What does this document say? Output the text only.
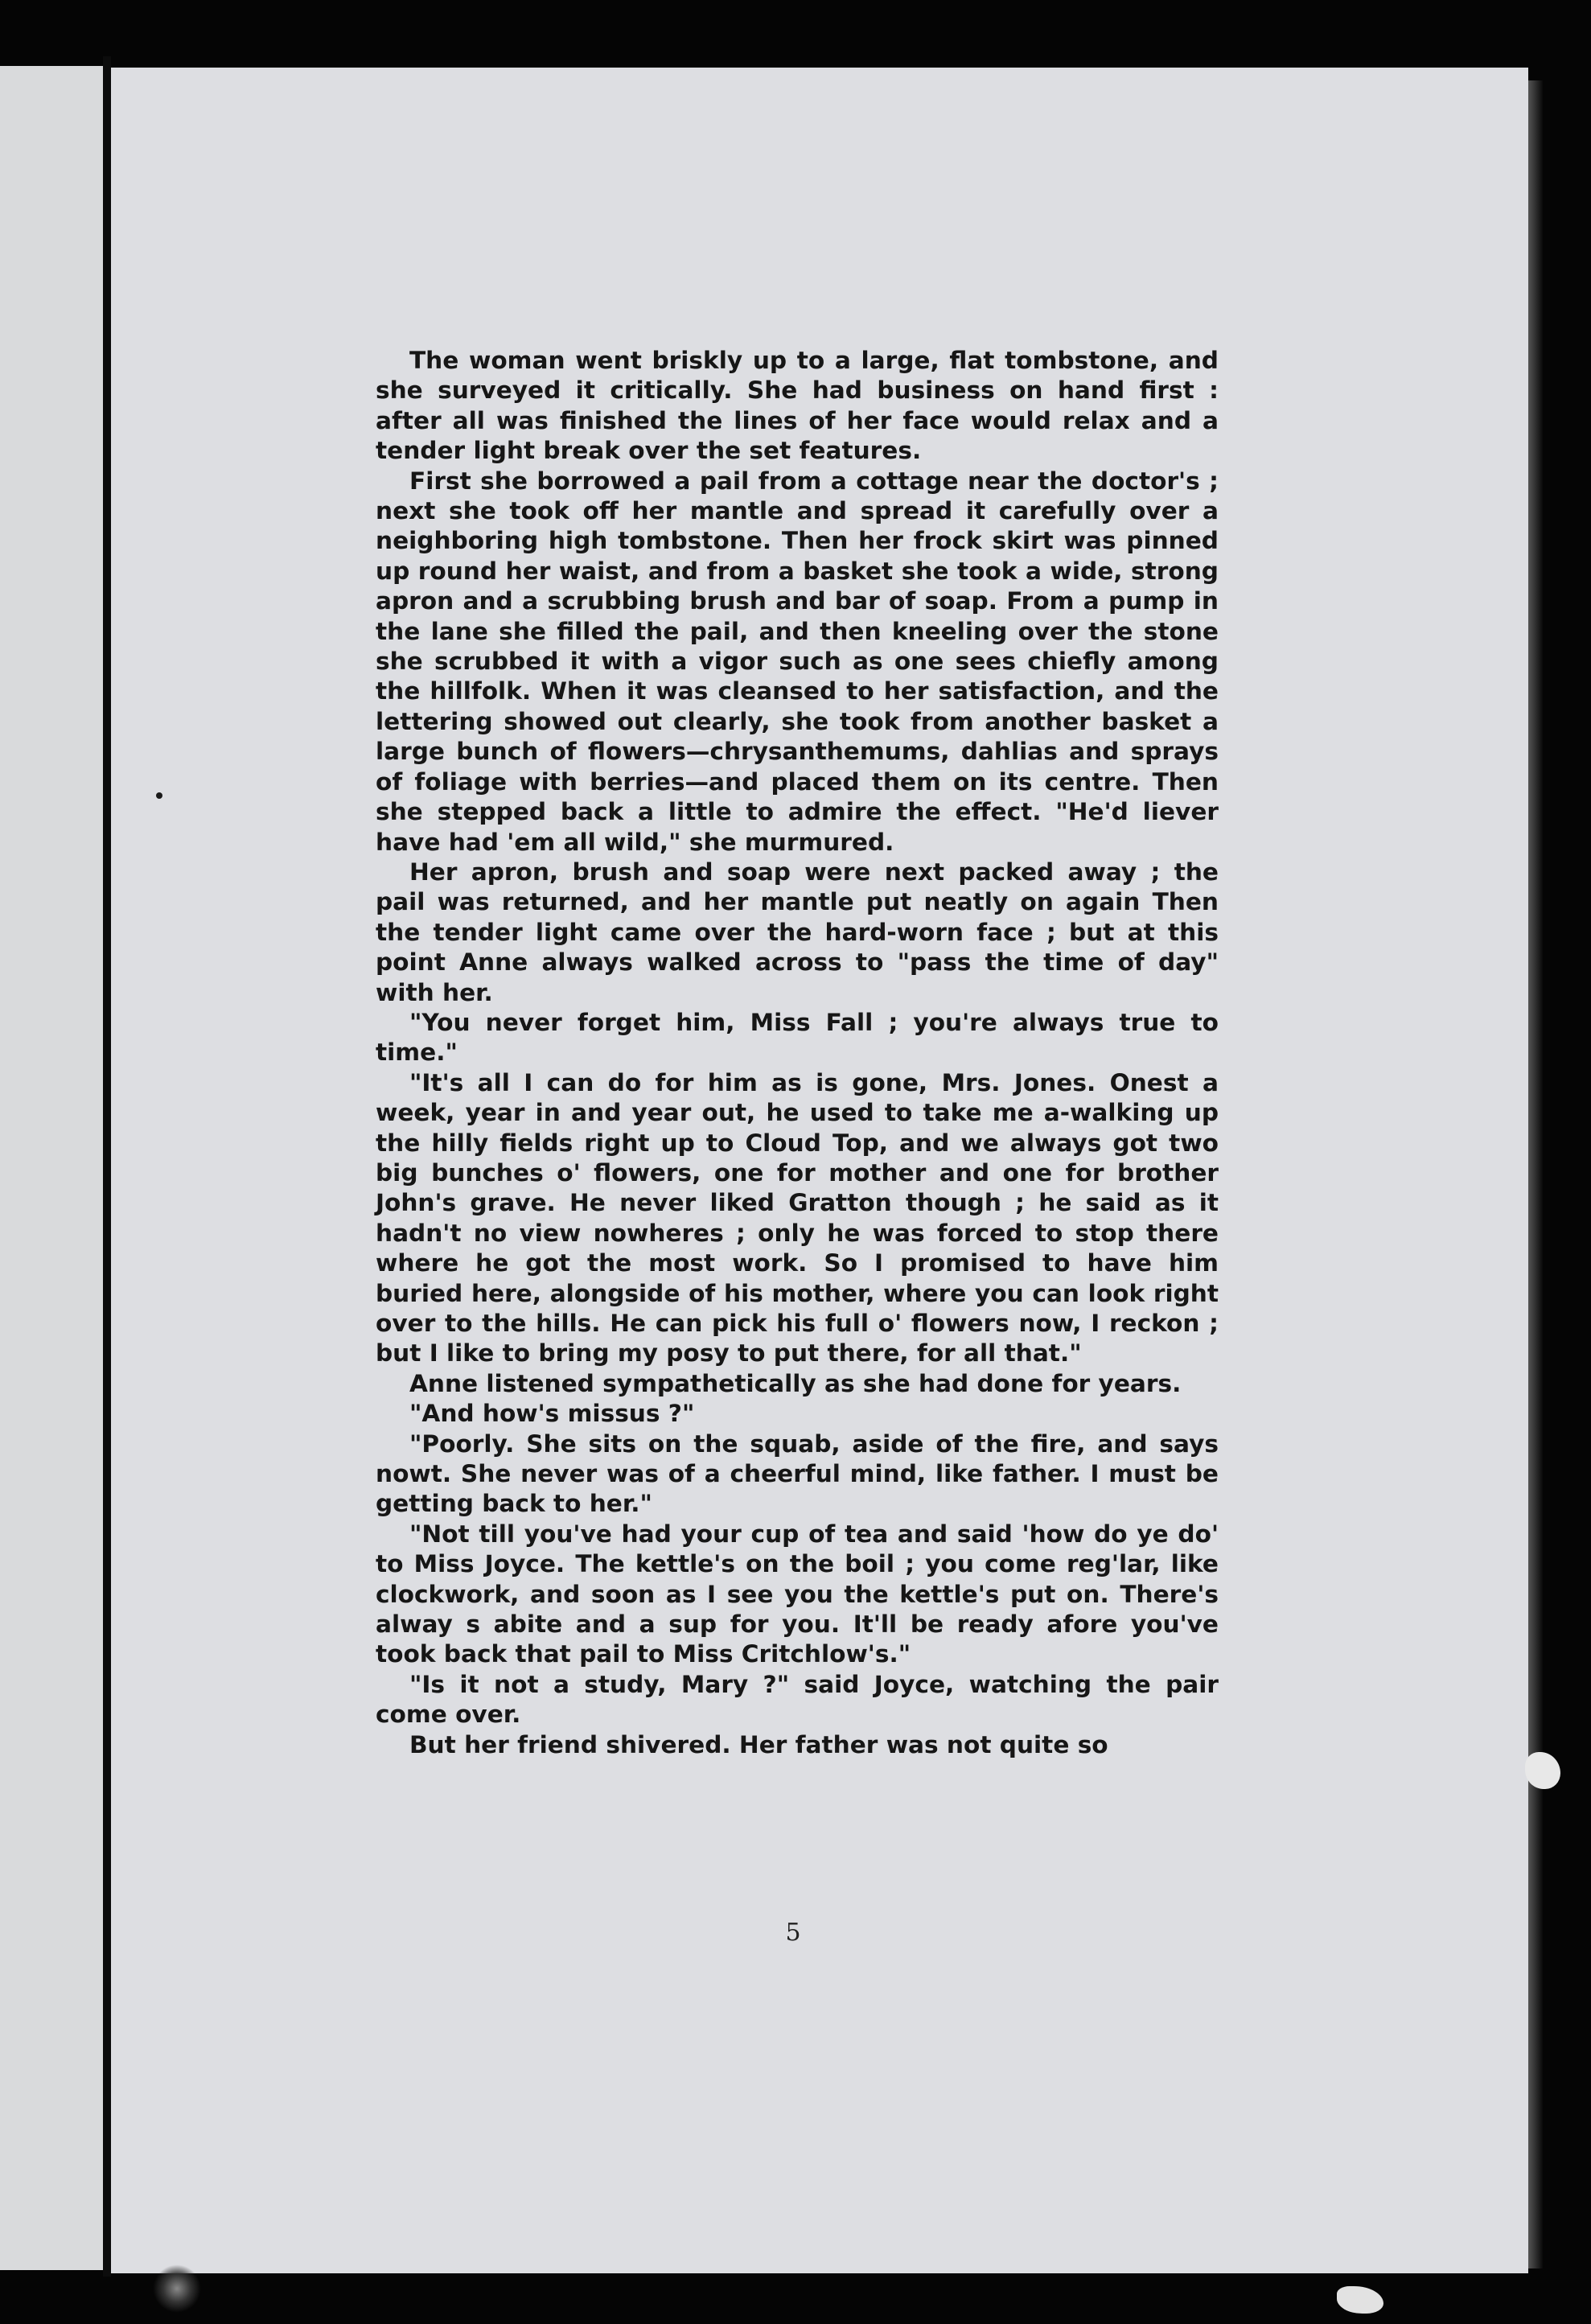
The woman went briskly up to a large, flat tombstone, and she surveyed it critically. She had business on hand first : after all was finished the lines of her face would relax and a tender light break over the set features.

First she borrowed a pail from a cottage near the doctor's ; next she took off her mantle and spread it carefully over a neighboring high tombstone. Then her frock skirt was pinned up round her waist, and from a basket she took a wide, strong apron and a scrubbing brush and bar of soap. From a pump in the lane she filled the pail, and then kneeling over the stone she scrubbed it with a vigor such as one sees chiefly among the hillfolk. When it was cleansed to her satisfaction, and the lettering showed out clearly, she took from another basket a large bunch of flowers—chrysanthemums, dahlias and sprays of foliage with berries—and placed them on its centre. Then she stepped back a little to admire the effect. "He'd liever have had 'em all wild," she murmured.

Her apron, brush and soap were next packed away ; the pail was returned, and her mantle put neatly on again Then the tender light came over the hard-worn face ; but at this point Anne always walked across to "pass the time of day" with her.

"You never forget him, Miss Fall ; you're always true to time."

"It's all I can do for him as is gone, Mrs. Jones. Onest a week, year in and year out, he used to take me a-walking up the hilly fields right up to Cloud Top, and we always got two big bunches o' flowers, one for mother and one for brother John's grave. He never liked Gratton though ; he said as it hadn't no view nowheres ; only he was forced to stop there where he got the most work. So I promised to have him buried here, alongside of his mother, where you can look right over to the hills. He can pick his full o' flowers now, I reckon ; but I like to bring my posy to put there, for all that."

Anne listened sympathetically as she had done for years.

"And how's missus ?"

"Poorly. She sits on the squab, aside of the fire, and says nowt. She never was of a cheerful mind, like father. I must be getting back to her."

"Not till you've had your cup of tea and said 'how do ye do' to Miss Joyce. The kettle's on the boil ; you come reg'lar, like clockwork, and soon as I see you the kettle's put on. There's alway s abite and a sup for you. It'll be ready afore you've took back that pail to Miss Critchlow's."

"Is it not a study, Mary ?" said Joyce, watching the pair come over.

But her friend shivered. Her father was not quite so

5
